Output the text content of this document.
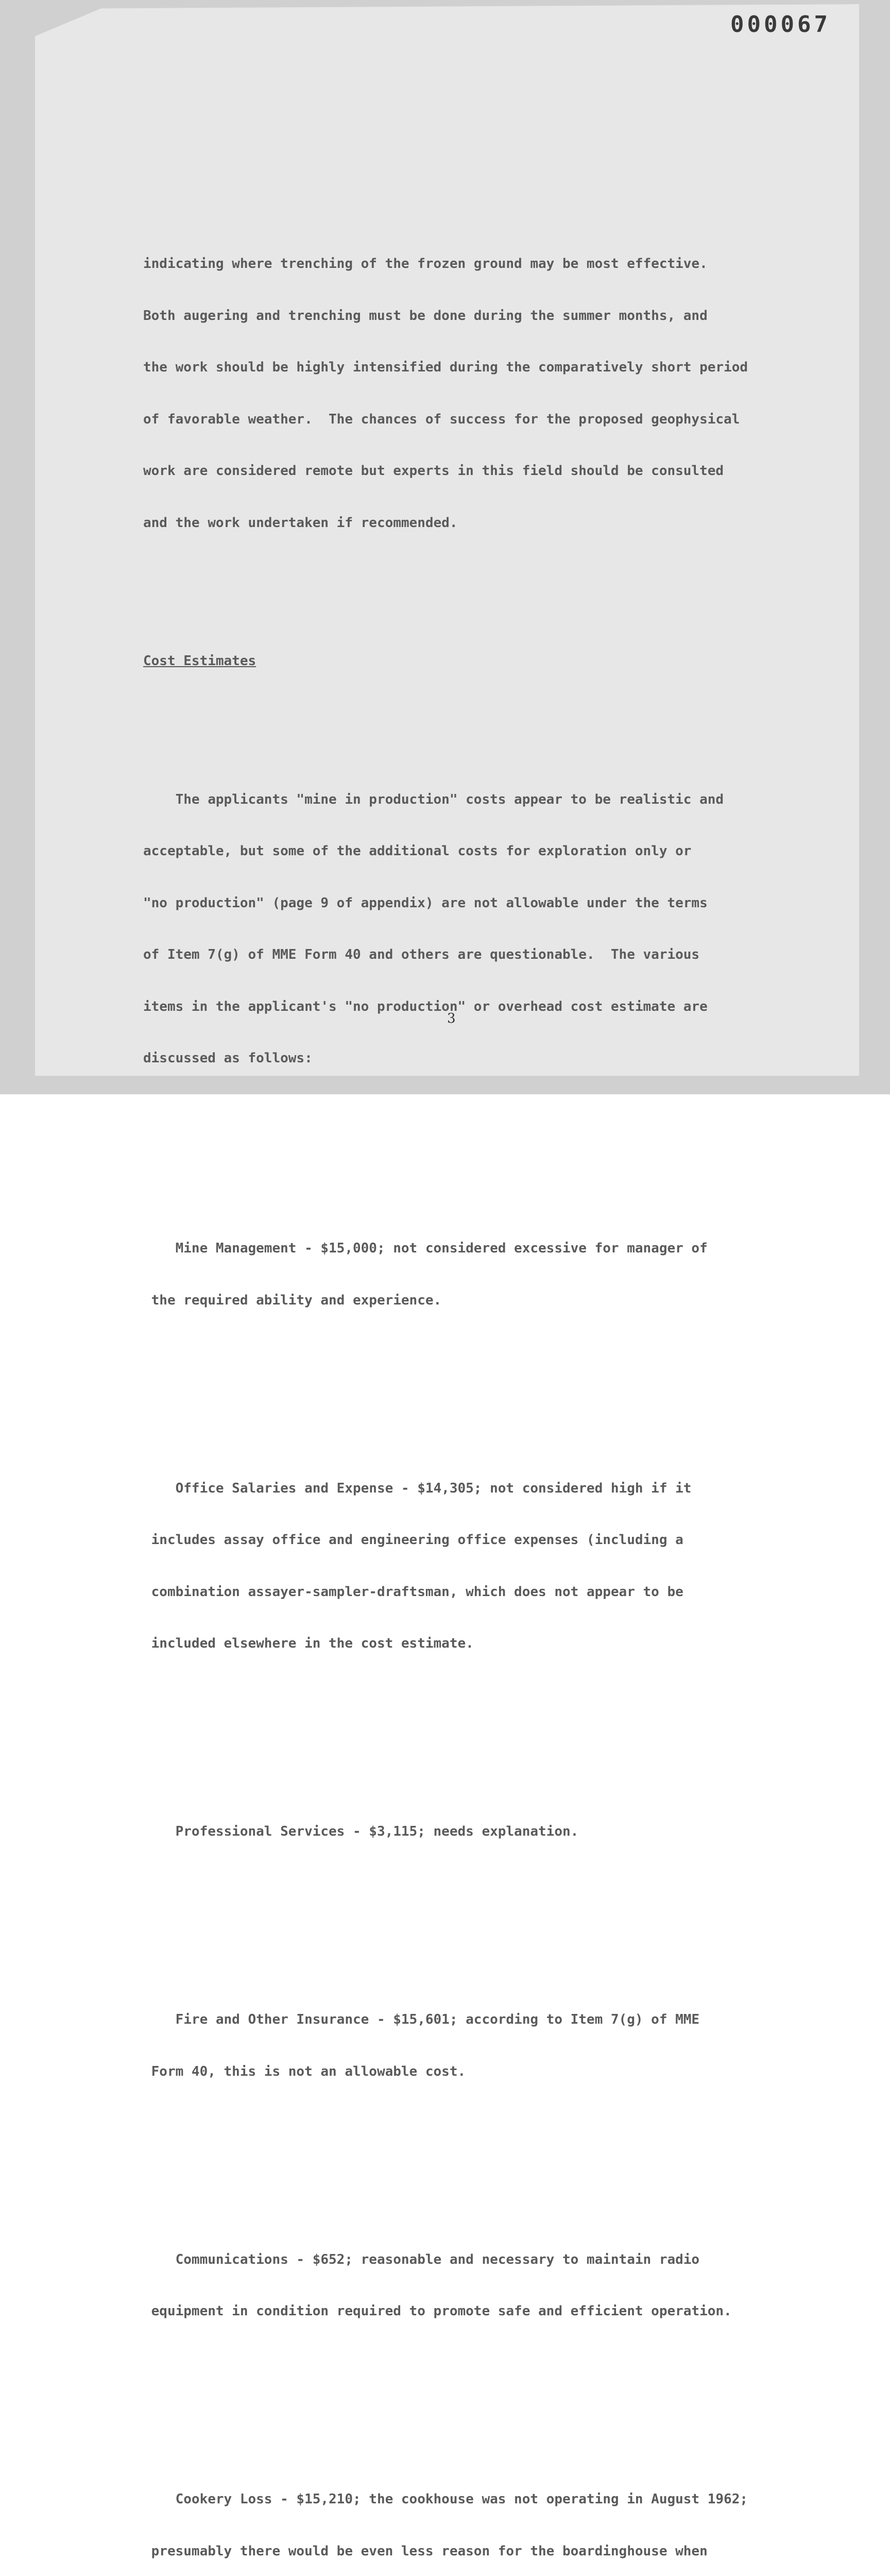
000067

indicating where trenching of the frozen ground may be most effective.

Both augering and trenching must be done during the summer months, and

the work should be highly intensified during the comparatively short period

of favorable weather.  The chances of success for the proposed geophysical

work are considered remote but experts in this field should be consulted

and the work undertaken if recommended.

Cost Estimates

The applicants "mine in production" costs appear to be realistic and

acceptable, but some of the additional costs for exploration only or

"no production" (page 9 of appendix) are not allowable under the terms

of Item 7(g) of MME Form 40 and others are questionable.  The various

items in the applicant's "no production" or overhead cost estimate are

discussed as follows:

Mine Management - $15,000; not considered excessive for manager of

the required ability and experience.

Office Salaries and Expense - $14,305; not considered high if it

includes assay office and engineering office expenses (including a

combination assayer-sampler-draftsman, which does not appear to be

included elsewhere in the cost estimate.

Professional Services - $3,115; needs explanation.

Fire and Other Insurance - $15,601; according to Item 7(g) of MME

Form 40, this is not an allowable cost.

Communications - $652; reasonable and necessary to maintain radio

equipment in condition required to promote safe and efficient operation.

Cookery Loss - $15,210; the cookhouse was not operating in August 1962;

presumably there would be even less reason for the boardinghouse when

3
